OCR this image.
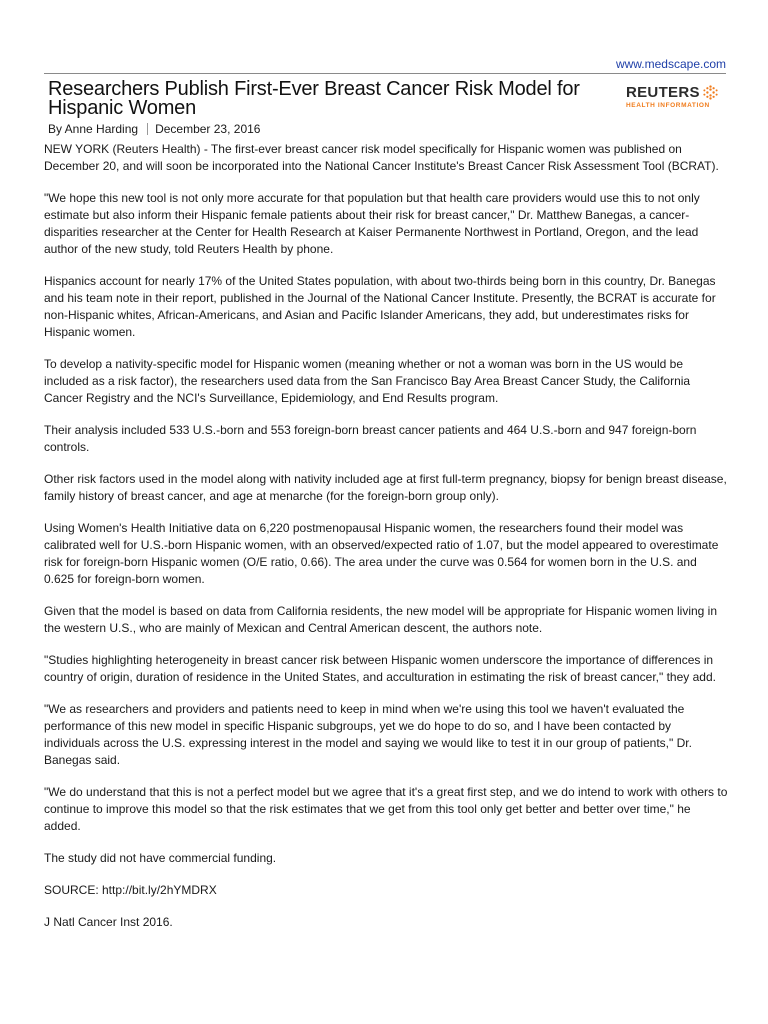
www.medscape.com
Researchers Publish First-Ever Breast Cancer Risk Model for Hispanic Women
REUTERS
HEALTH INFORMATION
By Anne Harding December 23, 2016

NEW YORK (Reuters Health) - The first-ever breast cancer risk model specifically for Hispanic women was published on December 20, and will soon be incorporated into the National Cancer Institute's Breast Cancer Risk Assessment Tool (BCRAT).

"We hope this new tool is not only more accurate for that population but that health care providers would use this to not only estimate but also inform their Hispanic female patients about their risk for breast cancer," Dr. Matthew Banegas, a cancer-disparities researcher at the Center for Health Research at Kaiser Permanente Northwest in Portland, Oregon, and the lead author of the new study, told Reuters Health by phone.

Hispanics account for nearly 17% of the United States population, with about two-thirds being born in this country, Dr. Banegas and his team note in their report, published in the Journal of the National Cancer Institute. Presently, the BCRAT is accurate for non-Hispanic whites, African-Americans, and Asian and Pacific Islander Americans, they add, but underestimates risks for Hispanic women.

To develop a nativity-specific model for Hispanic women (meaning whether or not a woman was born in the US would be included as a risk factor), the researchers used data from the San Francisco Bay Area Breast Cancer Study, the California Cancer Registry and the NCI's Surveillance, Epidemiology, and End Results program.

Their analysis included 533 U.S.-born and 553 foreign-born breast cancer patients and 464 U.S.-born and 947 foreign-born controls.

Other risk factors used in the model along with nativity included age at first full-term pregnancy, biopsy for benign breast disease, family history of breast cancer, and age at menarche (for the foreign-born group only).

Using Women's Health Initiative data on 6,220 postmenopausal Hispanic women, the researchers found their model was calibrated well for U.S.-born Hispanic women, with an observed/expected ratio of 1.07, but the model appeared to overestimate risk for foreign-born Hispanic women (O/E ratio, 0.66). The area under the curve was 0.564 for women born in the U.S. and 0.625 for foreign-born women.

Given that the model is based on data from California residents, the new model will be appropriate for Hispanic women living in the western U.S., who are mainly of Mexican and Central American descent, the authors note.

"Studies highlighting heterogeneity in breast cancer risk between Hispanic women underscore the importance of differences in country of origin, duration of residence in the United States, and acculturation in estimating the risk of breast cancer," they add.

"We as researchers and providers and patients need to keep in mind when we're using this tool we haven't evaluated the performance of this new model in specific Hispanic subgroups, yet we do hope to do so, and I have been contacted by individuals across the U.S. expressing interest in the model and saying we would like to test it in our group of patients," Dr. Banegas said.

"We do understand that this is not a perfect model but we agree that it's a great first step, and we do intend to work with others to continue to improve this model so that the risk estimates that we get from this tool only get better and better over time," he added.

The study did not have commercial funding.

SOURCE: http://bit.ly/2hYMDRX

J Natl Cancer Inst 2016.
